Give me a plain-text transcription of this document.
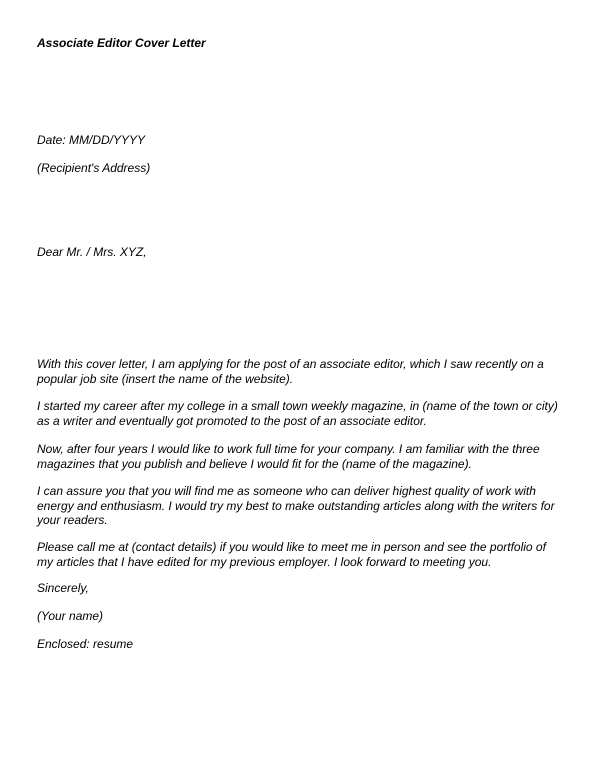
Associate Editor Cover Letter

Date: MM/DD/YYYY

(Recipient's Address)

Dear Mr. / Mrs. XYZ,

With this cover letter, I am applying for the post of an associate editor, which I saw recently on a
popular job site (insert the name of the website).
I started my career after my college in a small town weekly magazine, in (name of the town or city)
as a writer and eventually got promoted to the post of an associate editor.
Now, after four years I would like to work full time for your company. I am familiar with the three
magazines that you publish and believe I would fit for the (name of the magazine).
I can assure you that you will find me as someone who can deliver highest quality of work with
energy and enthusiasm. I would try my best to make outstanding articles along with the writers for
your readers.
Please call me at (contact details) if you would like to meet me in person and see the portfolio of
my articles that I have edited for my previous employer. I look forward to meeting you.

Sincerely,

(Your name)

Enclosed: resume
